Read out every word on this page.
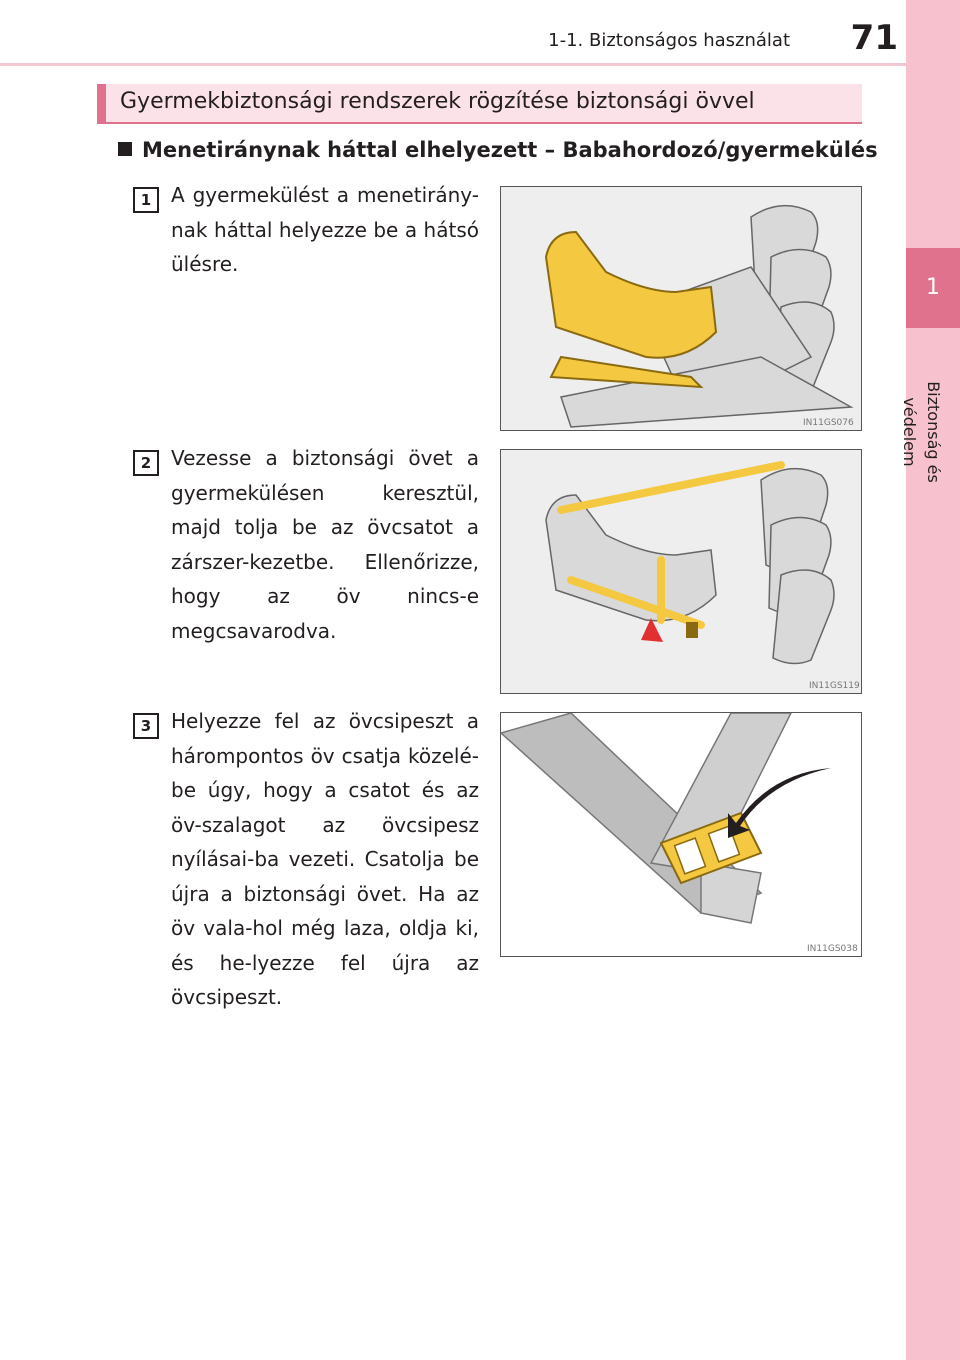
1-1. Biztonságos használat	71
1
Biztonság és védelem
Gyermekbiztonsági rendszerek rögzítése biztonsági övvel
Menetiránynak háttal elhelyezett – Babahordozó/gyermekülés
1 A gyermekülést a menetirány-nak háttal helyezze be a hátsó ülésre.
IN11GS076
2 Vezesse a biztonsági övet a gyermekülésen keresztül, majd tolja be az övcsatot a zárszer-kezetbe. Ellenőrizze, hogy az öv nincs-e megcsavarodva.
IN11GS119
3 Helyezze fel az övcsipeszt a hárompontos öv csatja közelé-be úgy, hogy a csatot és az öv-szalagot az övcsipesz nyílásai-ba vezeti. Csatolja be újra a biztonsági övet. Ha az öv vala-hol még laza, oldja ki, és he-lyezze fel újra az övcsipeszt.
IN11GS038
